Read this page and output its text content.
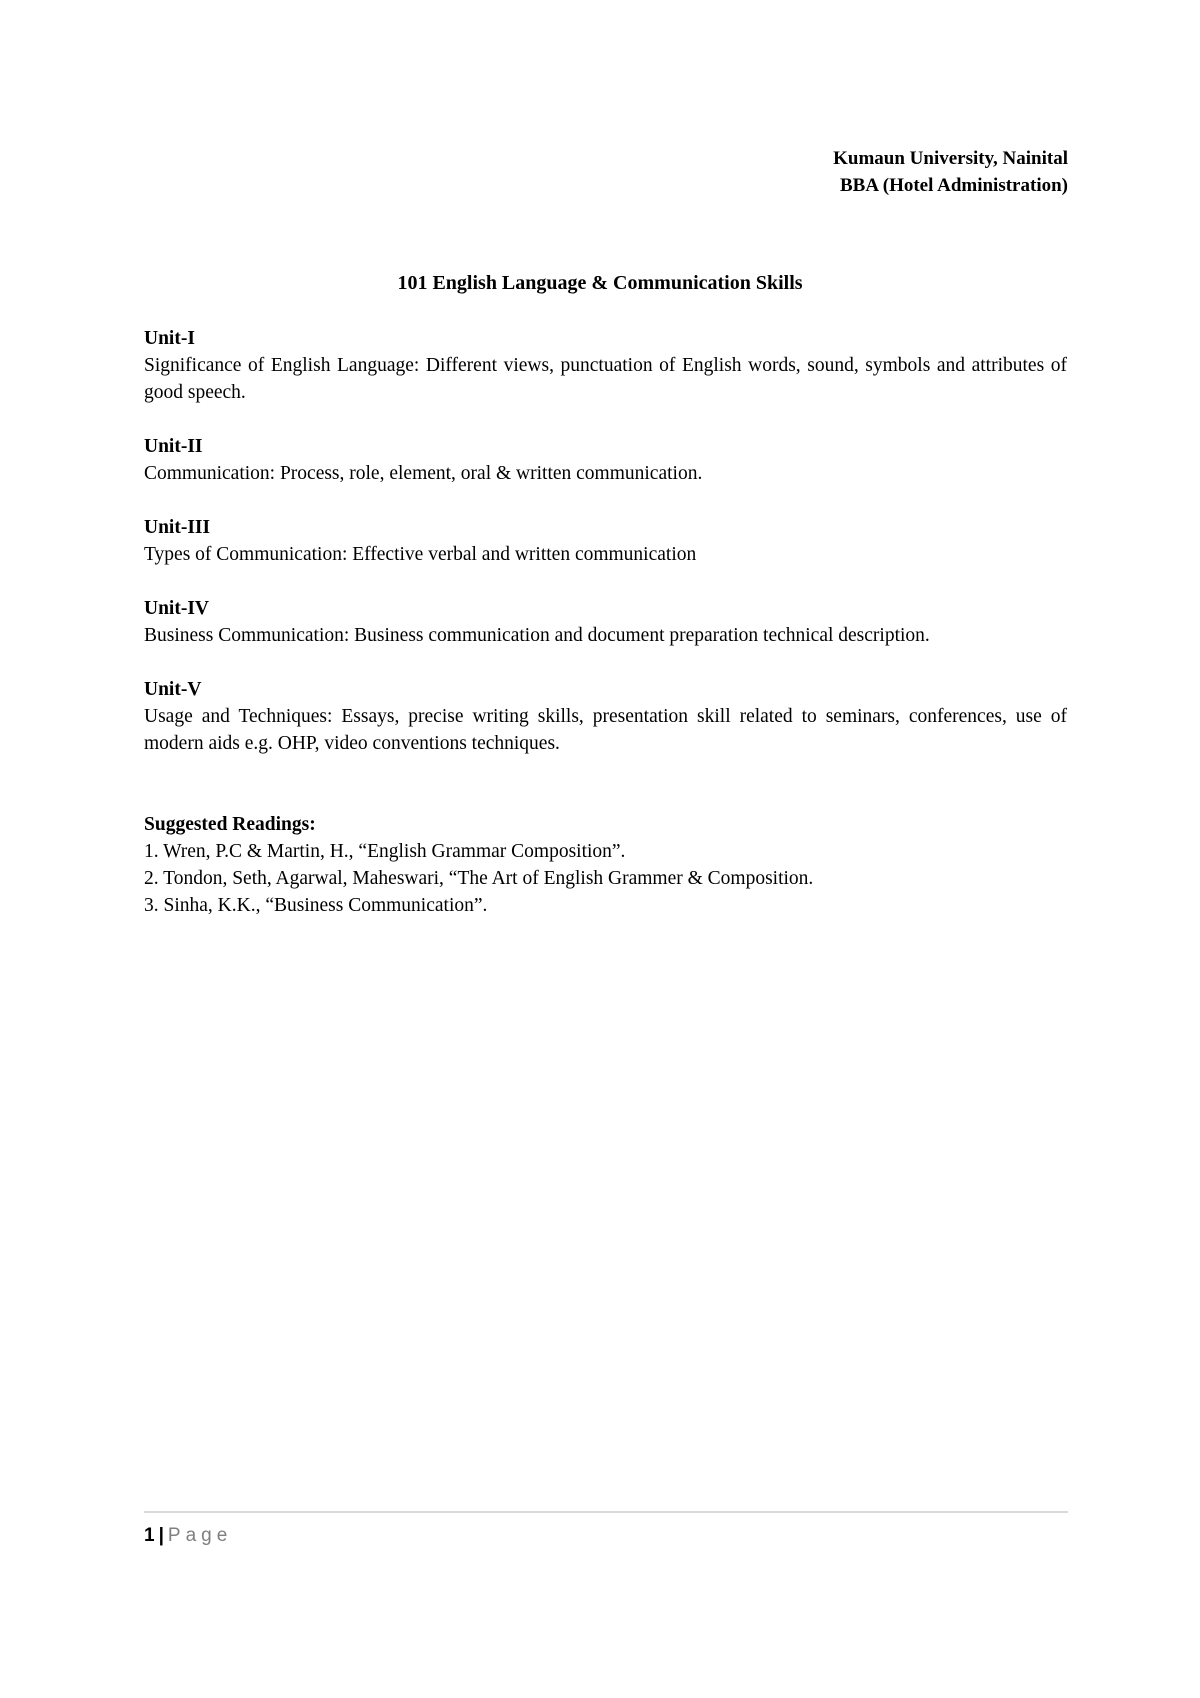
Kumaun University, Nainital
BBA (Hotel Administration)
101 English Language & Communication Skills
Unit-I
Significance of English Language: Different views, punctuation of English words, sound, symbols and attributes of good speech.
Unit-II
Communication: Process, role, element, oral & written communication.
Unit-III
Types of Communication: Effective verbal and written communication
Unit-IV
Business Communication: Business communication and document preparation technical description.
Unit-V
Usage and Techniques: Essays, precise writing skills, presentation skill related to seminars, conferences, use of modern aids e.g. OHP, video conventions techniques.
Suggested Readings:
1. Wren, P.C & Martin, H., “English Grammar Composition”.
2. Tondon, Seth, Agarwal, Maheswari, “The Art of English Grammer & Composition.
3. Sinha, K.K., “Business Communication”.
1 | Page
